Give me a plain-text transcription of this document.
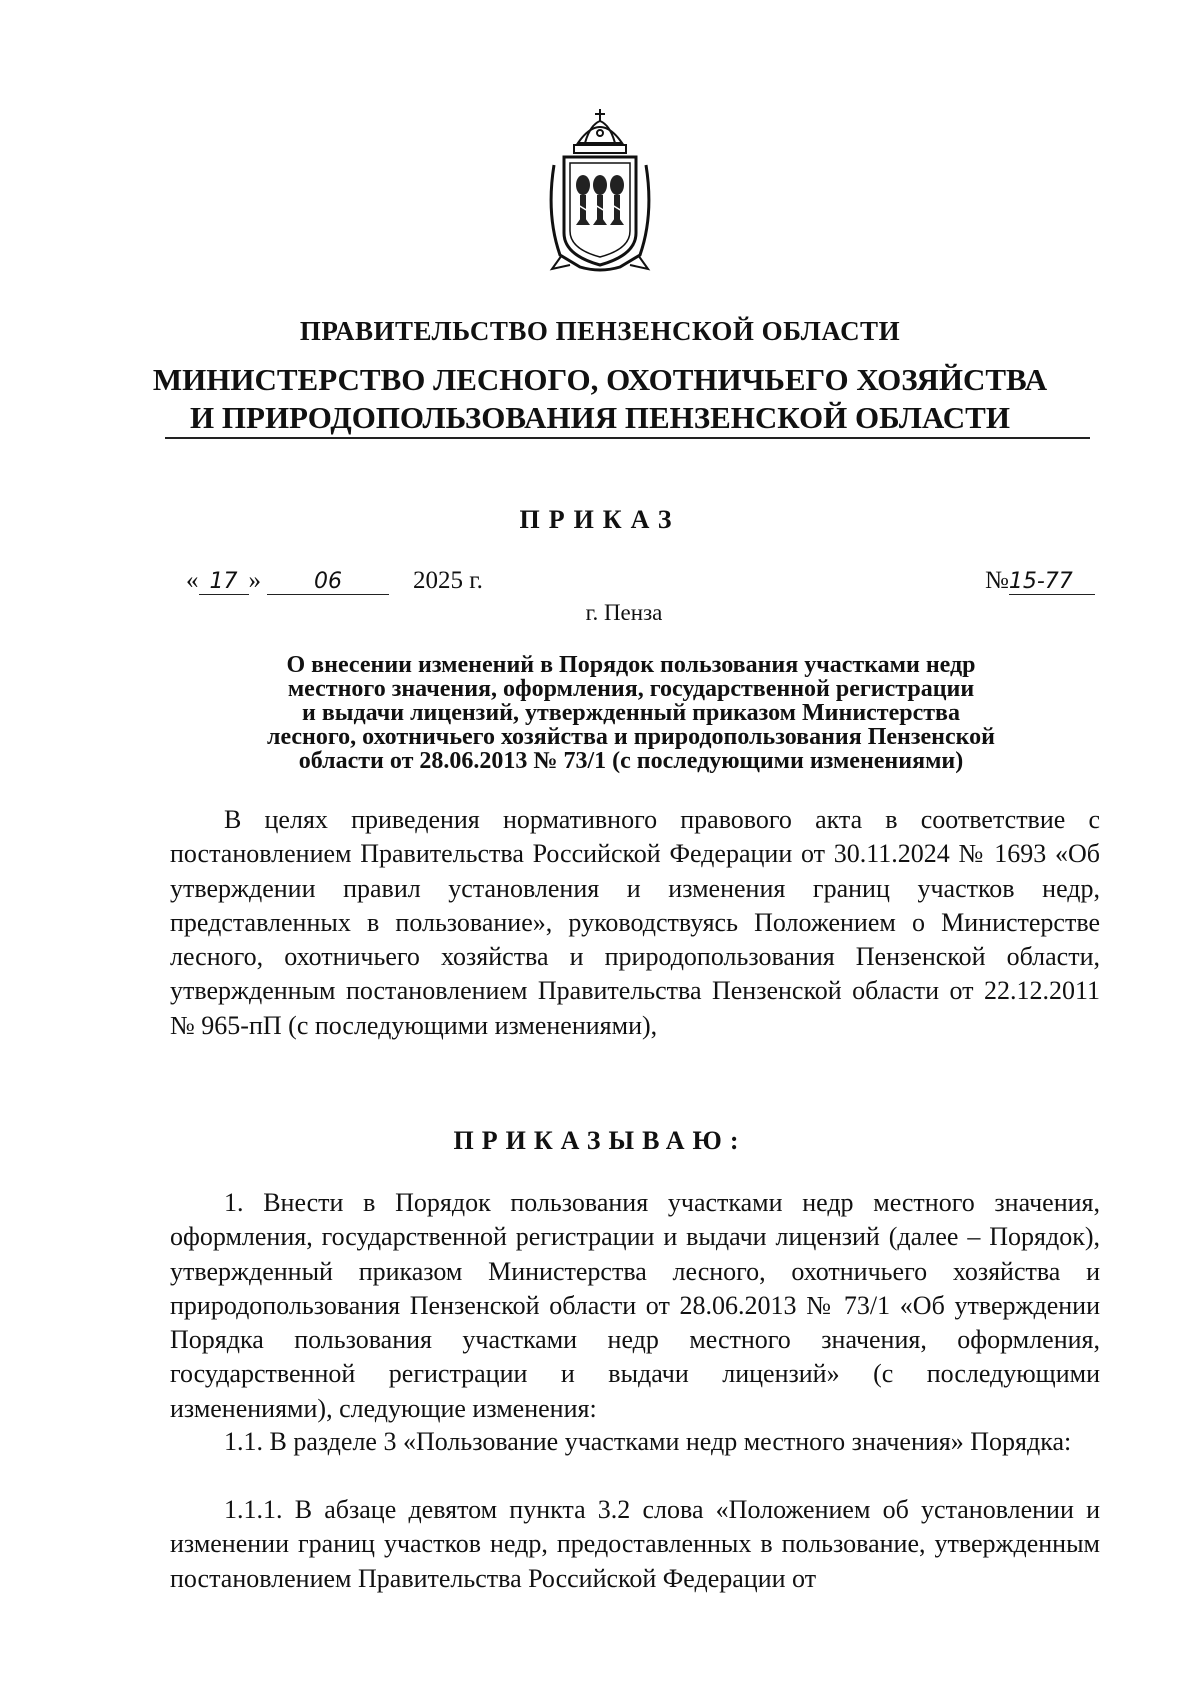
ПРАВИТЕЛЬСТВО ПЕНЗЕНСКОЙ ОБЛАСТИ
МИНИСТЕРСТВО ЛЕСНОГО, ОХОТНИЧЬЕГО ХОЗЯЙСТВА
И ПРИРОДОПОЛЬЗОВАНИЯ ПЕНЗЕНСКОЙ ОБЛАСТИ
ПРИКАЗ
« 17 » 06	2025 г.	№15-77
г. Пенза
О внесении изменений в Порядок пользования участками недр
местного значения, оформления, государственной регистрации
и выдачи лицензий, утвержденный приказом Министерства
лесного, охотничьего хозяйства и природопользования Пензенской
области от 28.06.2013 № 73/1 (с последующими изменениями)
В целях приведения нормативного правового акта в соответствие с постановлением Правительства Российской Федерации от 30.11.2024 № 1693 «Об утверждении правил установления и изменения границ участков недр, представленных в пользование», руководствуясь Положением о Министерстве лесного, охотничьего хозяйства и природопользования Пензенской области, утвержденным постановлением Правительства Пензенской области от 22.12.2011 № 965-пП (с последующими изменениями),
ПРИКАЗЫВАЮ:
1. Внести в Порядок пользования участками недр местного значения, оформления, государственной регистрации и выдачи лицензий (далее – Порядок), утвержденный приказом Министерства лесного, охотничьего хозяйства и природопользования Пензенской области от 28.06.2013 № 73/1 «Об утверждении Порядка пользования участками недр местного значения, оформления, государственной регистрации и выдачи лицензий» (с последующими изменениями), следующие изменения:
1.1. В разделе 3 «Пользование участками недр местного значения» Порядка:
1.1.1. В абзаце девятом пункта 3.2 слова «Положением об установлении и изменении границ участков недр, предоставленных в пользование, утвержденным постановлением Правительства Российской Федерации от
